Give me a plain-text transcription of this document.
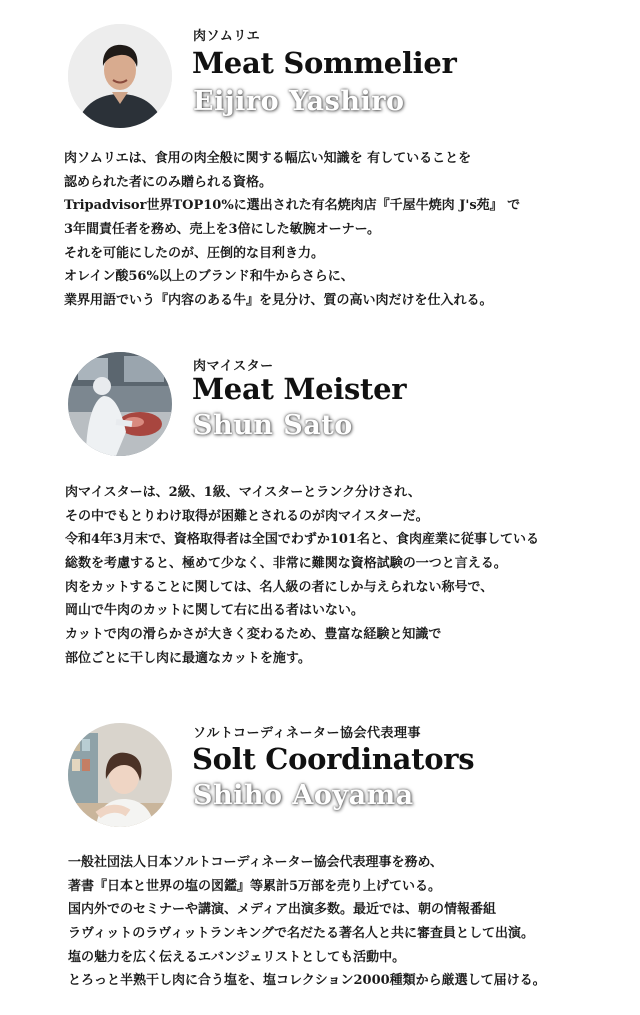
肉ソムリエ
Meat Sommelier
Eijiro Yashiro
肉ソムリエは、食用の肉全般に関する幅広い知識を 有していることを
認められた者にのみ贈られる資格。
Tripadvisor世界TOP10%に選出された有名焼肉店『千屋牛焼肉 J's苑』 で
3年間責任者を務め、売上を3倍にした敏腕オーナー。
それを可能にしたのが、圧倒的な目利き力。
オレイン酸56%以上のブランド和牛からさらに、
業界用語でいう『内容のある牛』を見分け、質の高い肉だけを仕入れる。
肉マイスター
Meat Meister
Shun Sato
肉マイスターは、2級、1級、マイスターとランク分けされ、
その中でもとりわけ取得が困難とされるのが肉マイスターだ。
令和4年3月末で、資格取得者は全国でわずか101名と、食肉産業に従事している
総数を考慮すると、極めて少なく、非常に難関な資格試験の一つと言える。
肉をカットすることに関しては、名人級の者にしか与えられない称号で、
岡山で牛肉のカットに関して右に出る者はいない。
カットで肉の滑らかさが大きく変わるため、豊富な経験と知識で
部位ごとに干し肉に最適なカットを施す。
ソルトコーディネーター協会代表理事
Solt Coordinators
Shiho Aoyama
一般社団法人日本ソルトコーディネーター協会代表理事を務め、
著書『日本と世界の塩の図鑑』等累計5万部を売り上げている。
国内外でのセミナーや講演、メディア出演多数。最近では、朝の情報番組
ラヴィットのラヴィットランキングで名だたる著名人と共に審査員として出演。
塩の魅力を広く伝えるエバンジェリストとしても活動中。
とろっと半熟干し肉に合う塩を、塩コレクション2000種類から厳選して届ける。
